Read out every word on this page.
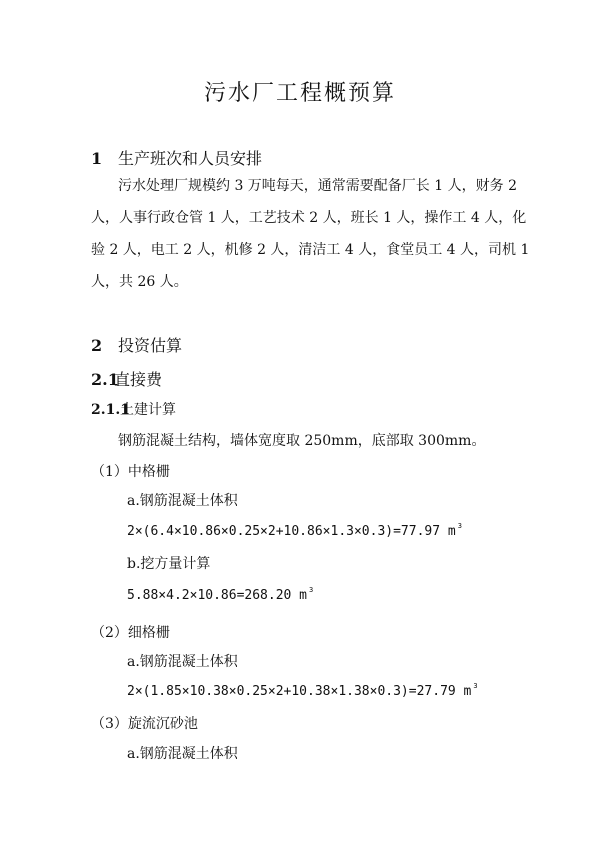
污水厂工程概预算
1 生产班次和人员安排
污水处理厂规模约 3 万吨每天，通常需要配备厂长 1 人，财务 2
人，人事行政仓管 1 人，工艺技术 2 人，班长 1 人，操作工 4 人，化
验 2 人，电工 2 人，机修 2 人，清洁工 4 人，食堂员工 4 人，司机 1
人，共 26 人。
2 投资估算
2.1直接费
2.1.1土建计算
钢筋混凝土结构，墙体宽度取 250mm，底部取 300mm。
（1）中格栅
a.钢筋混凝土体积
2×(6.4×10.86×0.25×2+10.86×1.3×0.3)=77.97 m $^3$
b.挖方量计算
5.88×4.2×10.86=268.20 m $^3$
（2）细格栅
a.钢筋混凝土体积
2×(1.85×10.38×0.25×2+10.38×1.38×0.3)=27.79 m $^3$
（3）旋流沉砂池
a.钢筋混凝土体积
